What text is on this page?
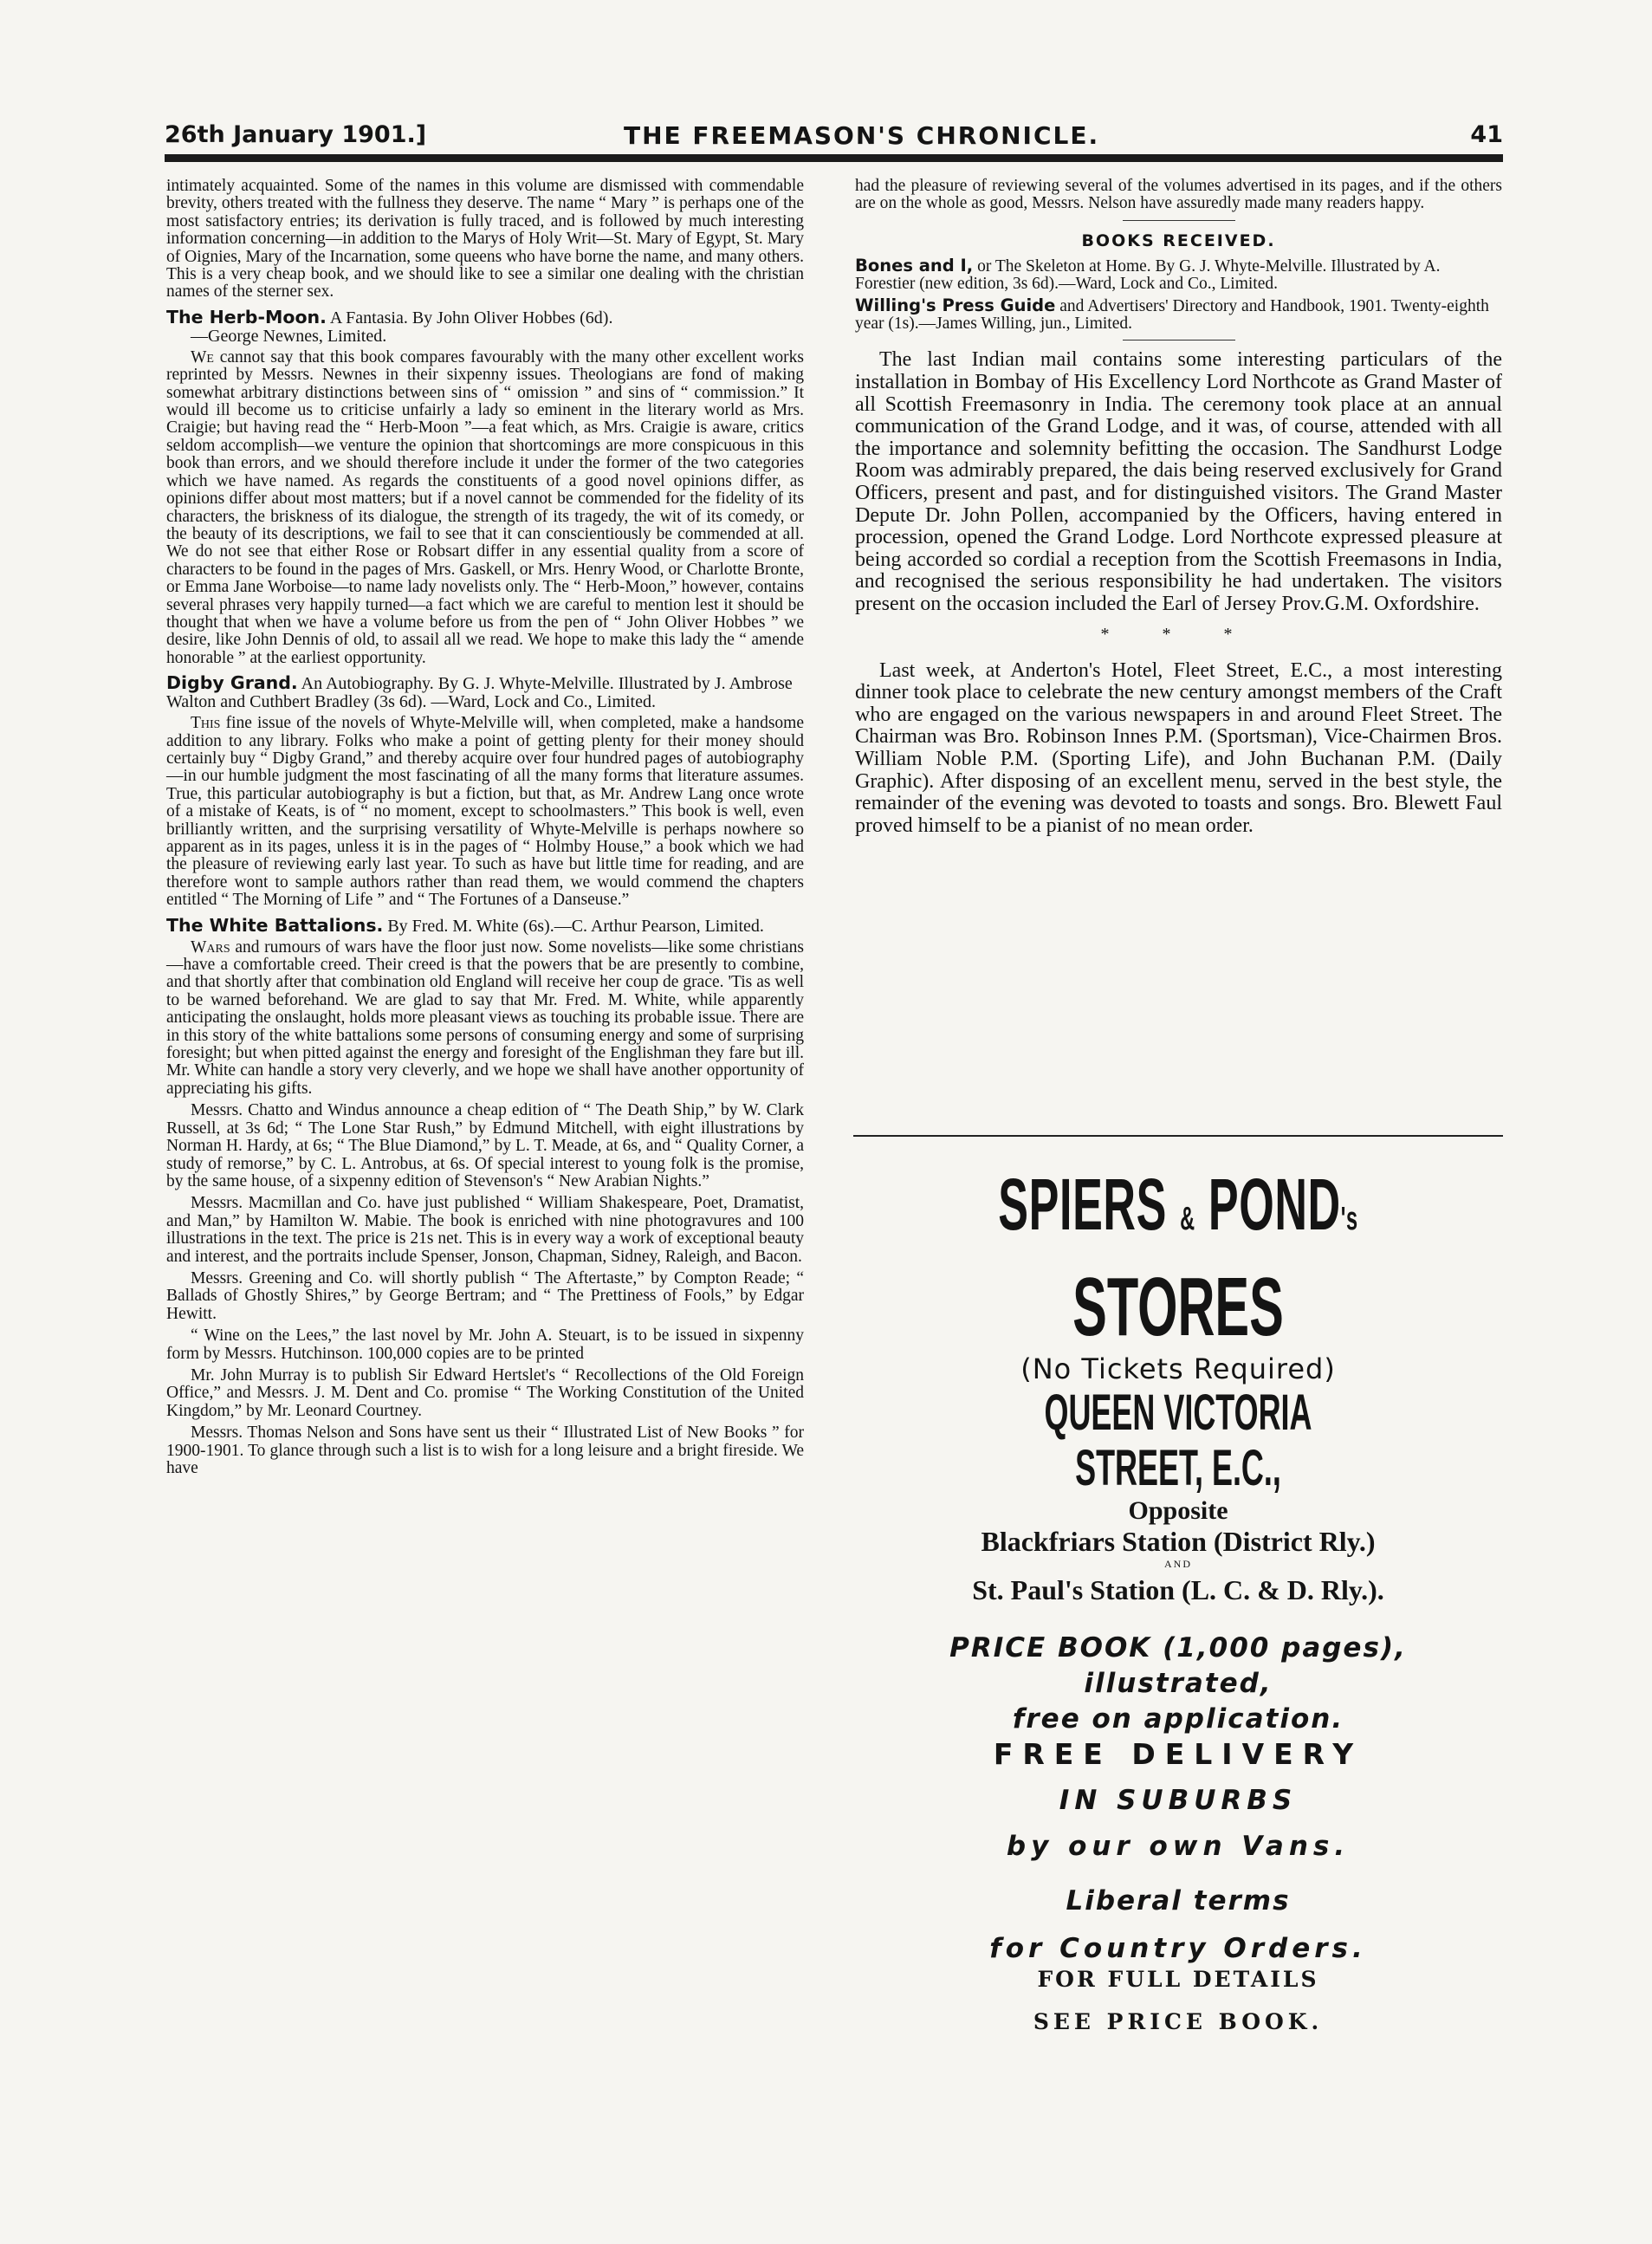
26th January 1901.]	THE FREEMASON'S CHRONICLE.	41

intimately acquainted. Some of the names in this volume are dismissed with commendable brevity, others treated with the fullness they deserve. The name “ Mary ” is perhaps one of the most satisfactory entries; its derivation is fully traced, and is followed by much interesting information concerning—in addition to the Marys of Holy Writ—St. Mary of Egypt, St. Mary of Oignies, Mary of the Incarnation, some queens who have borne the name, and many others. This is a very cheap book, and we should like to see a similar one dealing with the christian names of the sterner sex.

The Herb-Moon. A Fantasia. By John Oliver Hobbes (6d).
—George Newnes, Limited.

We cannot say that this book compares favourably with the many other excellent works reprinted by Messrs. Newnes in their sixpenny issues. Theologians are fond of making somewhat arbitrary distinctions between sins of “ omission ” and sins of “ commission.” It would ill become us to criticise unfairly a lady so eminent in the literary world as Mrs. Craigie; but having read the “ Herb-Moon ”—a feat which, as Mrs. Craigie is aware, critics seldom accomplish—we venture the opinion that shortcomings are more conspicuous in this book than errors, and we should therefore include it under the former of the two categories which we have named. As regards the constituents of a good novel opinions differ, as opinions differ about most matters; but if a novel cannot be commended for the fidelity of its characters, the briskness of its dialogue, the strength of its tragedy, the wit of its comedy, or the beauty of its descriptions, we fail to see that it can conscientiously be commended at all. We do not see that either Rose or Robsart differ in any essential quality from a score of characters to be found in the pages of Mrs. Gaskell, or Mrs. Henry Wood, or Charlotte Bronte, or Emma Jane Worboise—to name lady novelists only. The “ Herb-Moon,” however, contains several phrases very happily turned—a fact which we are careful to mention lest it should be thought that when we have a volume before us from the pen of “ John Oliver Hobbes ” we desire, like John Dennis of old, to assail all we read. We hope to make this lady the “ amende honorable ” at the earliest opportunity.

Digby Grand. An Autobiography. By G. J. Whyte-Melville. Illustrated by J. Ambrose Walton and Cuthbert Bradley (3s 6d). —Ward, Lock and Co., Limited.

This fine issue of the novels of Whyte-Melville will, when completed, make a handsome addition to any library. Folks who make a point of getting plenty for their money should certainly buy “ Digby Grand,” and thereby acquire over four hundred pages of autobiography—in our humble judgment the most fascinating of all the many forms that literature assumes. True, this particular autobiography is but a fiction, but that, as Mr. Andrew Lang once wrote of a mistake of Keats, is of “ no moment, except to schoolmasters.” This book is well, even brilliantly written, and the surprising versatility of Whyte-Melville is perhaps nowhere so apparent as in its pages, unless it is in the pages of “ Holmby House,” a book which we had the pleasure of reviewing early last year. To such as have but little time for reading, and are therefore wont to sample authors rather than read them, we would commend the chapters entitled “ The Morning of Life ” and “ The Fortunes of a Danseuse.”

The White Battalions. By Fred. M. White (6s).—C. Arthur Pearson, Limited.

Wars and rumours of wars have the floor just now. Some novelists—like some christians—have a comfortable creed. Their creed is that the powers that be are presently to combine, and that shortly after that combination old England will receive her coup de grace. 'Tis as well to be warned beforehand. We are glad to say that Mr. Fred. M. White, while apparently anticipating the onslaught, holds more pleasant views as touching its probable issue. There are in this story of the white battalions some persons of consuming energy and some of surprising foresight; but when pitted against the energy and foresight of the Englishman they fare but ill. Mr. White can handle a story very cleverly, and we hope we shall have another opportunity of appreciating his gifts.

Messrs. Chatto and Windus announce a cheap edition of “ The Death Ship,” by W. Clark Russell, at 3s 6d; “ The Lone Star Rush,” by Edmund Mitchell, with eight illustrations by Norman H. Hardy, at 6s; “ The Blue Diamond,” by L. T. Meade, at 6s, and “ Quality Corner, a study of remorse,” by C. L. Antrobus, at 6s. Of special interest to young folk is the promise, by the same house, of a sixpenny edition of Stevenson's “ New Arabian Nights.”

Messrs. Macmillan and Co. have just published “ William Shakespeare, Poet, Dramatist, and Man,” by Hamilton W. Mabie. The book is enriched with nine photogravures and 100 illustrations in the text. The price is 21s net. This is in every way a work of exceptional beauty and interest, and the portraits include Spenser, Jonson, Chapman, Sidney, Raleigh, and Bacon.

Messrs. Greening and Co. will shortly publish “ The Aftertaste,” by Compton Reade; “ Ballads of Ghostly Shires,” by George Bertram; and “ The Prettiness of Fools,” by Edgar Hewitt.

“ Wine on the Lees,” the last novel by Mr. John A. Steuart, is to be issued in sixpenny form by Messrs. Hutchinson. 100,000 copies are to be printed

Mr. John Murray is to publish Sir Edward Hertslet's “ Recollections of the Old Foreign Office,” and Messrs. J. M. Dent and Co. promise “ The Working Constitution of the United Kingdom,” by Mr. Leonard Courtney.

Messrs. Thomas Nelson and Sons have sent us their “ Illustrated List of New Books ” for 1900-1901. To glance through such a list is to wish for a long leisure and a bright fireside. We have

had the pleasure of reviewing several of the volumes advertised in its pages, and if the others are on the whole as good, Messrs. Nelson have assuredly made many readers happy.

BOOKS RECEIVED.
Bones and I, or The Skeleton at Home. By G. J. Whyte-Melville. Illustrated by A. Forestier (new edition, 3s 6d).—Ward, Lock and Co., Limited.
Willing's Press Guide and Advertisers' Directory and Handbook, 1901. Twenty-eighth year (1s).—James Willing, jun., Limited.

The last Indian mail contains some interesting particulars of the installation in Bombay of His Excellency Lord Northcote as Grand Master of all Scottish Freemasonry in India. The ceremony took place at an annual communication of the Grand Lodge, and it was, of course, attended with all the importance and solemnity befitting the occasion. The Sandhurst Lodge Room was admirably prepared, the dais being reserved exclusively for Grand Officers, present and past, and for distinguished visitors. The Grand Master Depute Dr. John Pollen, accompanied by the Officers, having entered in procession, opened the Grand Lodge. Lord Northcote expressed pleasure at being accorded so cordial a reception from the Scottish Freemasons in India, and recognised the serious responsibility he had undertaken. The visitors present on the occasion included the Earl of Jersey Prov.G.M. Oxfordshire.

* * *

Last week, at Anderton's Hotel, Fleet Street, E.C., a most interesting dinner took place to celebrate the new century amongst members of the Craft who are engaged on the various newspapers in and around Fleet Street. The Chairman was Bro. Robinson Innes P.M. (Sportsman), Vice-Chairmen Bros. William Noble P.M. (Sporting Life), and John Buchanan P.M. (Daily Graphic). After disposing of an excellent menu, served in the best style, the remainder of the evening was devoted to toasts and songs. Bro. Blewett Faul proved himself to be a pianist of no mean order.

SPIERS & POND's
STORES
(No Tickets Required)
QUEEN VICTORIA STREET, E.C.,
Opposite
Blackfriars Station (District Rly.)
AND
St. Paul's Station (L. C. & D. Rly.).
PRICE BOOK (1,000 pages),
illustrated,
free on application.
FREE DELIVERY
IN SUBURBS
by our own Vans.
Liberal terms
for Country Orders.
FOR FULL DETAILS
SEE PRICE BOOK.
